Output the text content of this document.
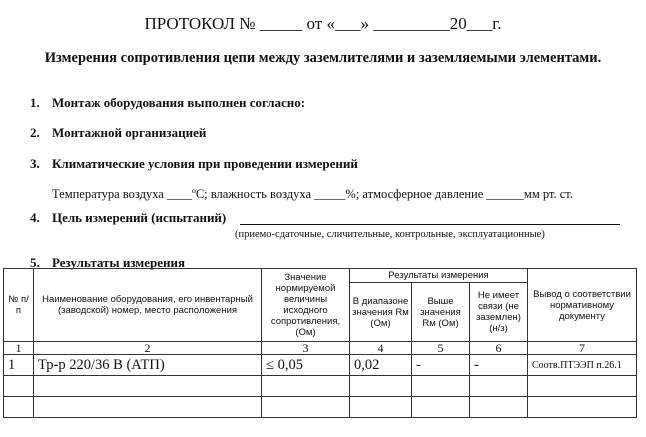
ПРОТОКОЛ № _____ от «___» _________20___г.
Измерения сопротивления цепи между заземлителями и заземляемыми элементами.
1. Монтаж оборудования выполнен согласно:
2. Монтажной организацией
3. Климатические условия при проведении измерений
Температура воздуха ____ºС; влажность воздуха _____%; атмосферное давление ______мм рт. ст.
4. Цель измерений (испытаний)
(приемо-сдаточные, сличительные, контрольные, эксплуатационные)
5. Результаты измерения
№ п/п	Наименование оборудования, его инвентарный (заводской) номер, место расположения	Значение нормируемой величины исходного сопротивления, (Ом)	Результаты измерения			Вывод о соответствии нормативному документу
			В диапазоне значения Rм (Ом)	Выше значения Rм (Ом)	Не имеет связи (не заземлен) (н/з)	
1	2	3	4	5	6	7
1	Тр-р 220/36 В (АТП)	≤ 0,05	0,02	-	-	Соотв.ПТЭЭП п.26.1
